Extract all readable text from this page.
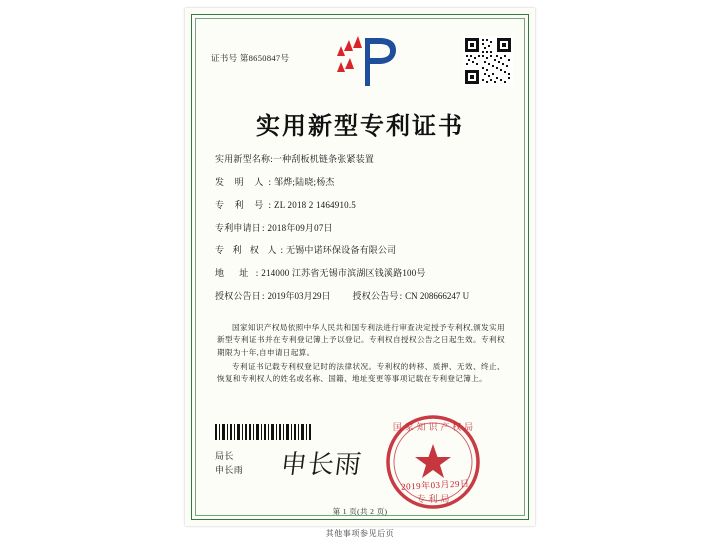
证书号 第8650847号
实用新型专利证书
实用新型名称: 一种刮板机链条张紧装置
发 明 人 : 邹烨;陆晓;杨杰
专 利 号 : ZL 2018 2 1464910.5
专利申请日 : 2018年09月07日
专 利 权 人 : 无锡中诺环保设备有限公司
地 址 : 214000 江苏省无锡市滨湖区钱溪路100号
授权公告日 : 2019年03月29日 授权公告号 : CN 208666247 U

国家知识产权局依照中华人民共和国专利法进行审查决定授予专利权,颁发实用新型专利证书并在专利登记簿上予以登记。专利权自授权公告之日起生效。专利权期限为十年,自申请日起算。

专利证书记载专利权登记时的法律状况。专利权的转移、质押、无效、终止、恢复和专利权人的姓名或名称、国籍、地址变更等事项记载在专利登记簿上。

局长
申长雨 申长雨
国 家 知 识 产 权 局
专 利 局
2019年03月29日
第 1 页(共 2 页)
其他事项参见后页
